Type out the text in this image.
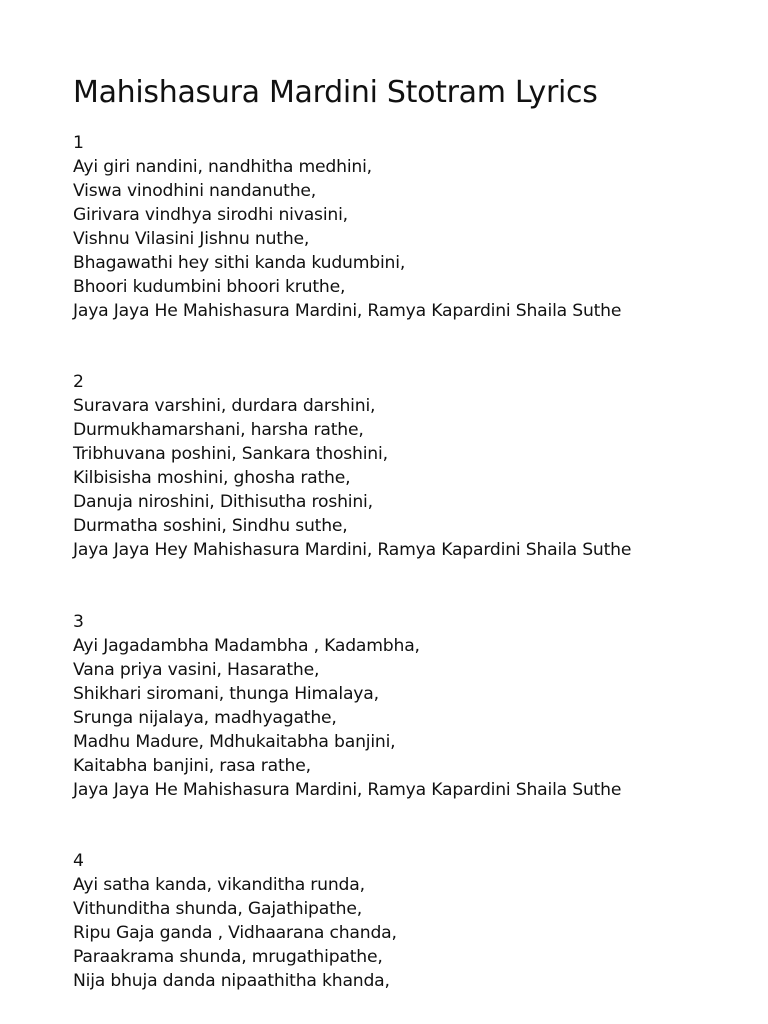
Mahishasura Mardini Stotram Lyrics
1
Ayi giri nandini, nandhitha medhini,
Viswa vinodhini nandanuthe,
Girivara vindhya sirodhi nivasini,
Vishnu Vilasini Jishnu nuthe,
Bhagawathi hey sithi kanda kudumbini,
Bhoori kudumbini bhoori kruthe,
Jaya Jaya He Mahishasura Mardini, Ramya Kapardini Shaila Suthe
2
Suravara varshini, durdara darshini,
Durmukhamarshani, harsha rathe,
Tribhuvana poshini, Sankara thoshini,
Kilbisisha moshini, ghosha rathe,
Danuja niroshini, Dithisutha roshini,
Durmatha soshini, Sindhu suthe,
Jaya Jaya Hey Mahishasura Mardini, Ramya Kapardini Shaila Suthe
3
Ayi Jagadambha Madambha , Kadambha,
Vana priya vasini, Hasarathe,
Shikhari siromani, thunga Himalaya,
Srunga nijalaya, madhyagathe,
Madhu Madure, Mdhukaitabha banjini,
Kaitabha banjini, rasa rathe,
Jaya Jaya He Mahishasura Mardini, Ramya Kapardini Shaila Suthe
4
Ayi satha kanda, vikanditha runda,
Vithunditha shunda, Gajathipathe,
Ripu Gaja ganda , Vidhaarana chanda,
Paraakrama shunda, mrugathipathe,
Nija bhuja danda nipaathitha khanda,
